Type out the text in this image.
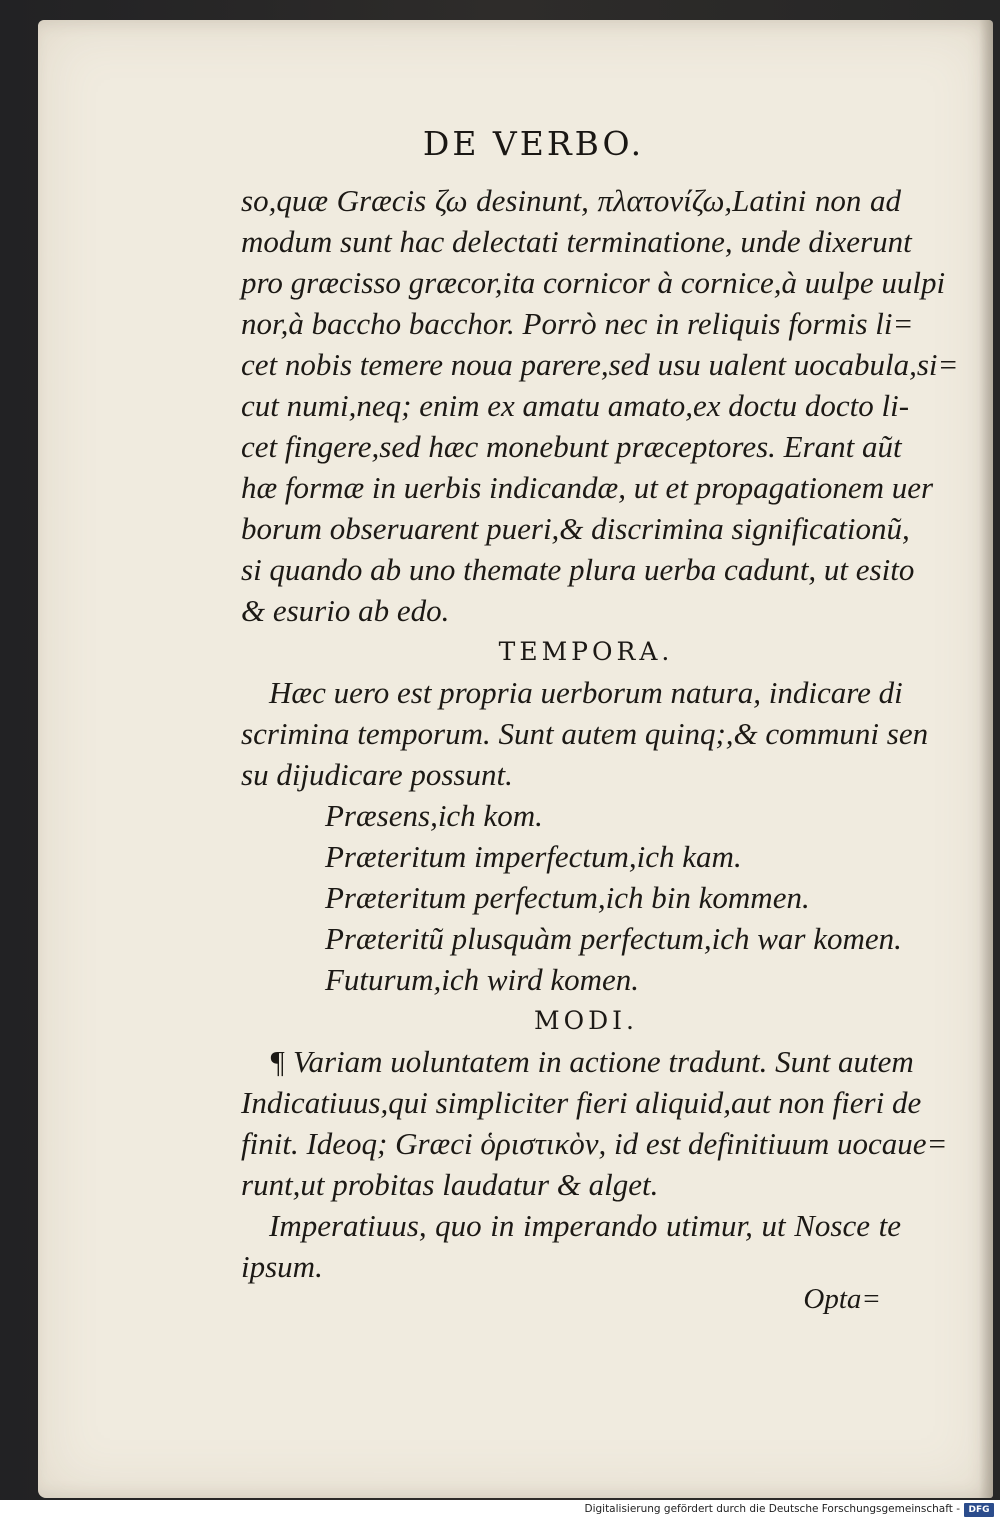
DE VERBO.
so,quæ Græcis ζω desinunt, πλατονίζω,Latini non ad
modum sunt hac delectati terminatione, unde dixerunt
pro græcisso græcor,ita cornicor à cornice,à uulpe uulpi
nor,à baccho bacchor. Porrò nec in reliquis formis li=
cet nobis temere noua parere,sed usu ualent uocabula,si=
cut numi,neq; enim ex amatu amato,ex doctu docto li-
cet fingere,sed hæc monebunt præceptores. Erant aũt
hæ formæ in uerbis indicandæ, ut et propagationem uer
borum obseruarent pueri,& discrimina significationũ,
si quando ab uno themate plura uerba cadunt, ut esito
& esurio ab edo.
TEMPORA.
Hæc uero est propria uerborum natura, indicare di
scrimina temporum. Sunt autem quinq;,& communi sen
su dijudicare possunt.
Præsens,ich kom.
Præteritum imperfectum,ich kam.
Præteritum perfectum,ich bin kommen.
Præteritũ plusquàm perfectum,ich war komen.
Futurum,ich wird komen.
MODI.
¶ Variam uoluntatem in actione tradunt. Sunt autem
Indicatiuus,qui simpliciter fieri aliquid,aut non fieri de
finit. Ideoq; Græci ὁριστικὸν, id est definitiuum uocaue=
runt,ut probitas laudatur & alget.
Imperatiuus, quo in imperando utimur, ut Nosce te
ipsum.
Opta=
Digitalisierung gefördert durch die Deutsche Forschungsgemeinschaft - DFG
